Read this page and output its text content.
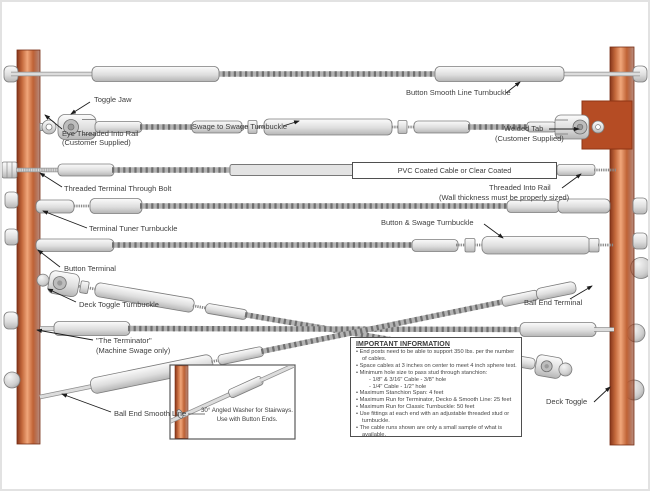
PVC Coated Cable or Clear Coated
Toggle Jaw
Eye Threaded Into Rail
(Customer Supplied)
Button Smooth Line Turnbuckle
Swage to Swage Turnbuckle	Welded Tab
(Customer Supplied)
Threaded Terminal Through Bolt	Threaded Into Rail
(Wall thickness must be properly sized)
Terminal Tuner Turnbuckle
Button & Swage Turnbuckle
Button Terminal
Deck Toggle Turnbuckle	Ball End Terminal
"The Terminator"
(Machine Swage only)
Ball End Smooth Line
Deck Toggle
30° Angled Washer for Stairways.
Use with Button Ends.
IMPORTANT INFORMATION
• End posts need to be able to support 350 lbs. per the number of cables.
• Space cables at 3 inches on center to meet 4 inch sphere test.
• Minimum hole size to pass stud through stanchion:
- 1/8" & 3/16" Cable - 3/8" hole
- 1/4" Cable - 1/2" hole
• Maximum Stanchion Span: 4 feet
• Maximum Run for Terminator, Decko & Smooth Line: 25 feet
• Maximum Run for Classic Turnbuckle: 50 feet
• Use fittings at each end with an adjustable threaded stud or turnbuckle.
• The cable runs shown are only a small sample of what is available.
